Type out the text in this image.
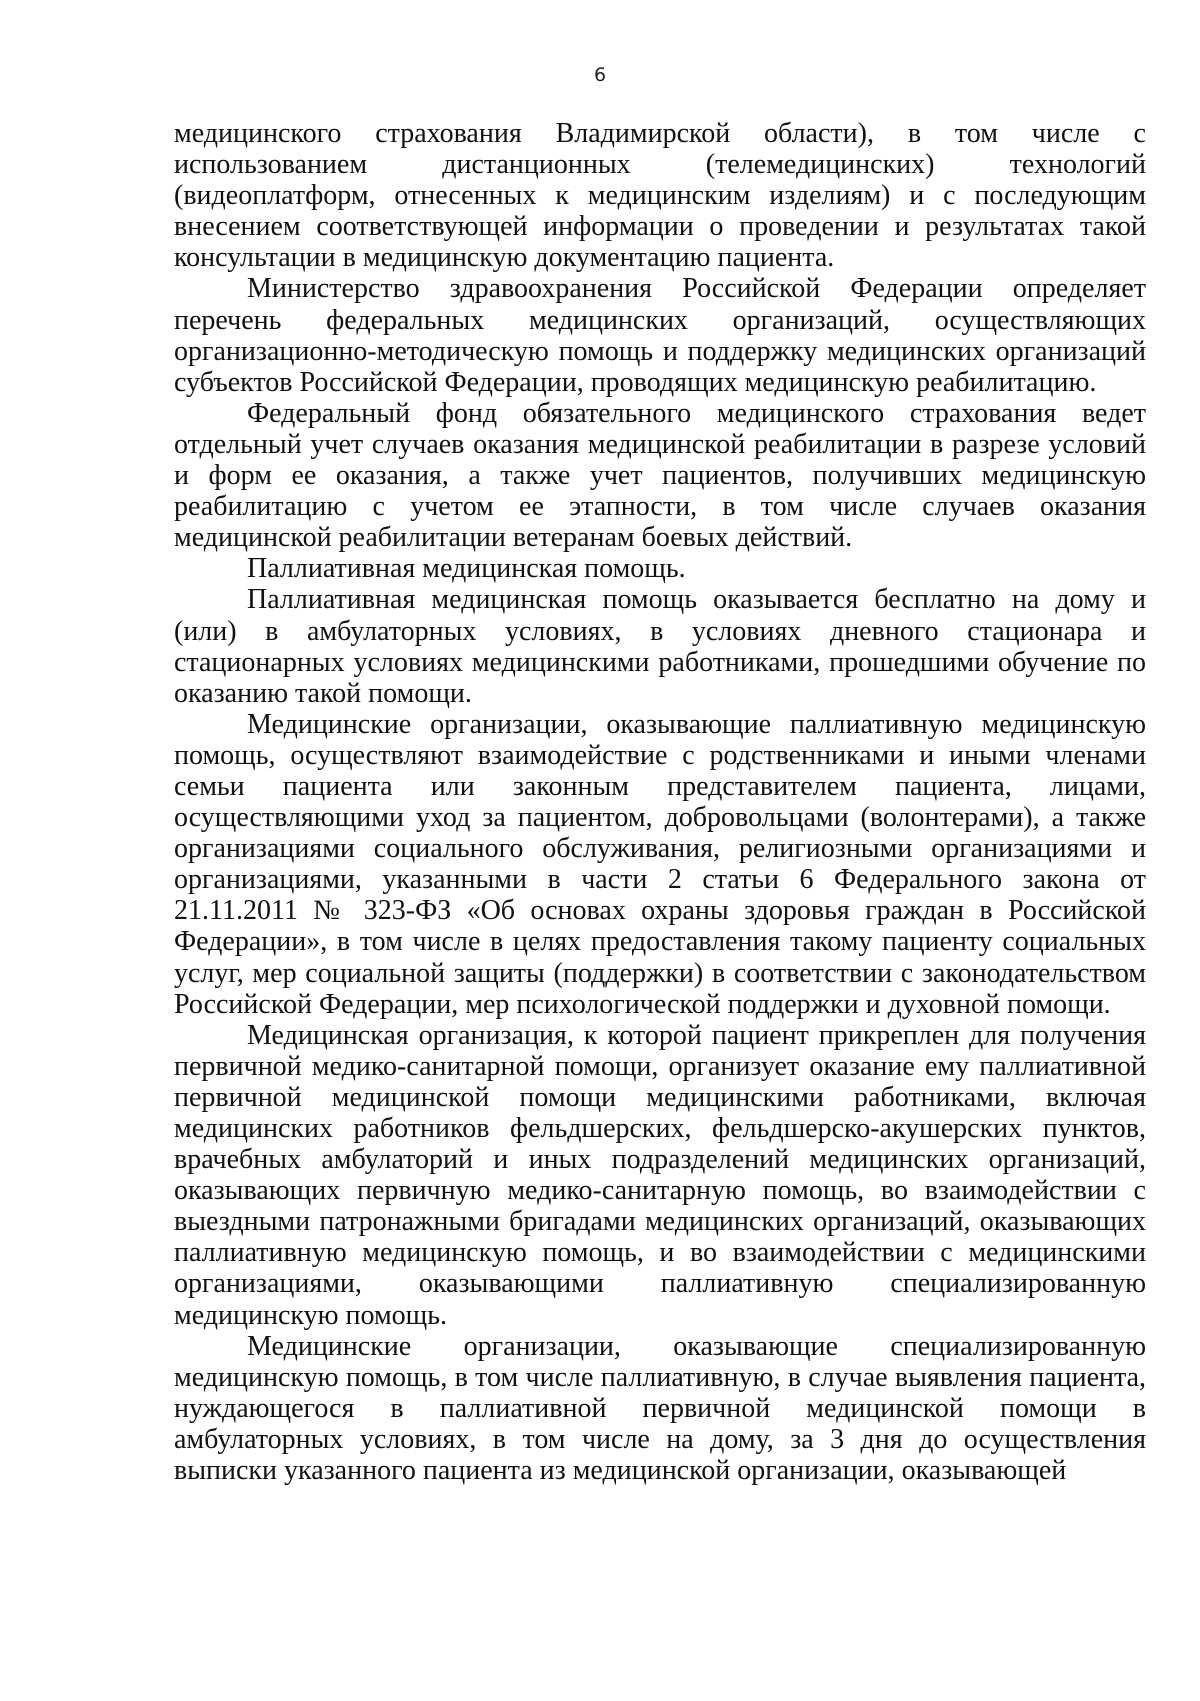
6

медицинского страхования Владимирской области), в том числе с использованием дистанционных (телемедицинских) технологий (видеоплатформ, отнесенных к медицинским изделиям) и с последующим внесением соответствующей информации о проведении и результатах такой консультации в медицинскую документацию пациента.

Министерство здравоохранения Российской Федерации определяет перечень федеральных медицинских организаций, осуществляющих организационно-методическую помощь и поддержку медицинских организаций субъектов Российской Федерации, проводящих медицинскую реабилитацию.

Федеральный фонд обязательного медицинского страхования ведет отдельный учет случаев оказания медицинской реабилитации в разрезе условий и форм ее оказания, а также учет пациентов, получивших медицинскую реабилитацию с учетом ее этапности, в том числе случаев оказания медицинской реабилитации ветеранам боевых действий.

Паллиативная медицинская помощь.

Паллиативная медицинская помощь оказывается бесплатно на дому и (или) в амбулаторных условиях, в условиях дневного стационара и стационарных условиях медицинскими работниками, прошедшими обучение по оказанию такой помощи.

Медицинские организации, оказывающие паллиативную медицинскую помощь, осуществляют взаимодействие с родственниками и иными членами семьи пациента или законным представителем пациента, лицами, осуществляющими уход за пациентом, добровольцами (волонтерами), а также организациями социального обслуживания, религиозными организациями и организациями, указанными в части 2 статьи 6 Федерального закона от 21.11.2011 № 323-ФЗ «Об основах охраны здоровья граждан в Российской Федерации», в том числе в целях предоставления такому пациенту социальных услуг, мер социальной защиты (поддержки) в соответствии с законодательством Российской Федерации, мер психологической поддержки и духовной помощи.

Медицинская организация, к которой пациент прикреплен для получения первичной медико-санитарной помощи, организует оказание ему паллиативной первичной медицинской помощи медицинскими работниками, включая медицинских работников фельдшерских, фельдшерско-акушерских пунктов, врачебных амбулаторий и иных подразделений медицинских организаций, оказывающих первичную медико-санитарную помощь, во взаимодействии с выездными патронажными бригадами медицинских организаций, оказывающих паллиативную медицинскую помощь, и во взаимодействии с медицинскими организациями, оказывающими паллиативную специализированную медицинскую помощь.

Медицинские организации, оказывающие специализированную медицинскую помощь, в том числе паллиативную, в случае выявления пациента, нуждающегося в паллиативной первичной медицинской помощи в амбулаторных условиях, в том числе на дому, за 3 дня до осуществления выписки указанного пациента из медицинской организации, оказывающей
